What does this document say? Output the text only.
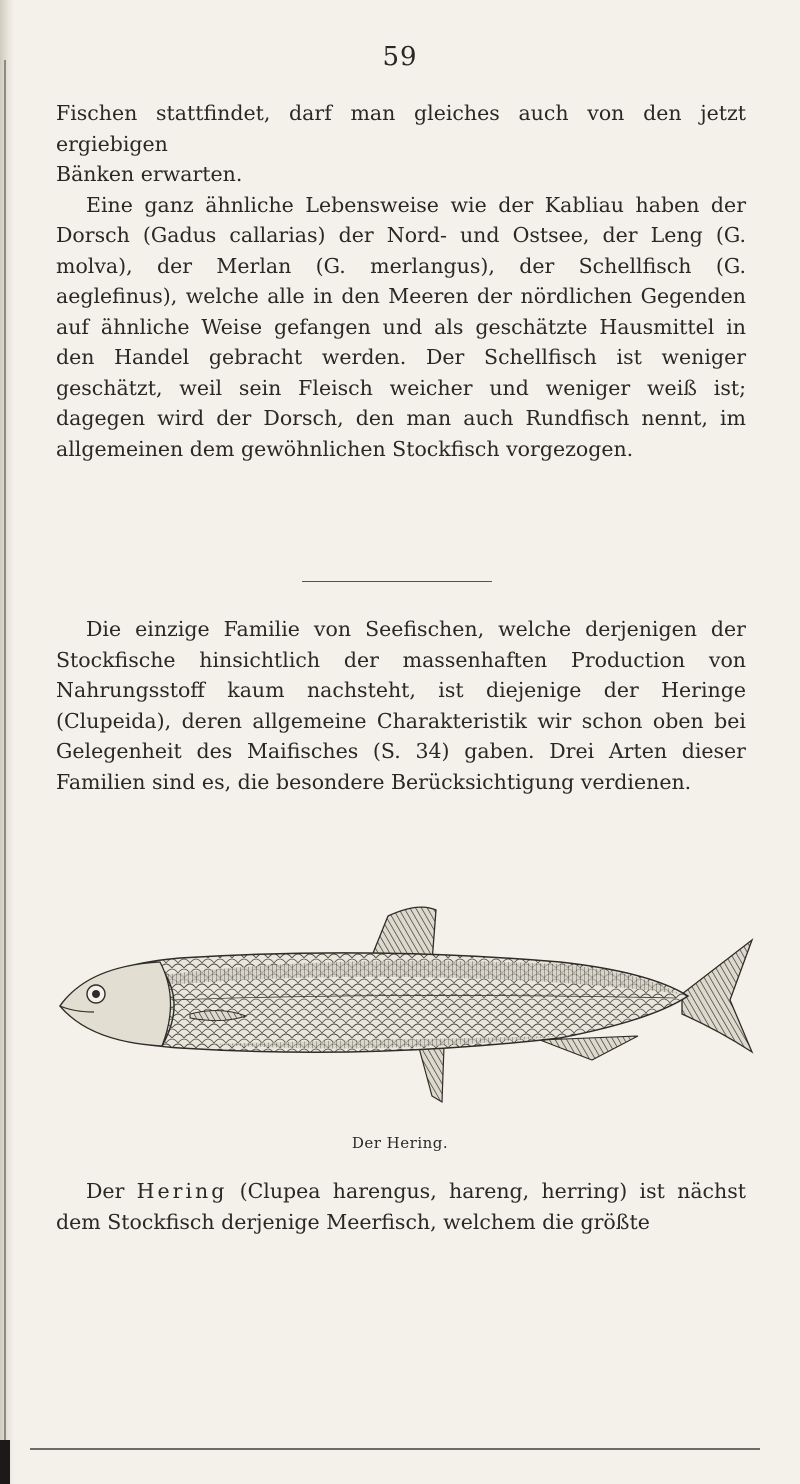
59

Fischen stattfindet, darf man gleiches auch von den jetzt ergiebigen
Bänken erwarten.

Eine ganz ähnliche Lebensweise wie der Kabliau haben der Dorsch (Gadus callarias) der Nord- und Ostsee, der Leng (G. molva), der Merlan (G. merlangus), der Schellfisch (G. aeglefinus), welche alle in den Meeren der nördlichen Gegenden auf ähnliche Weise gefangen und als geschätzte Hausmittel in den Handel gebracht werden. Der Schellfisch ist weniger geschätzt, weil sein Fleisch weicher und weniger weiß ist; dagegen wird der Dorsch, den man auch Rundfisch nennt, im allgemeinen dem gewöhnlichen Stockfisch vorgezogen.

Die einzige Familie von Seefischen, welche derjenigen der Stockfische hinsichtlich der massenhaften Production von Nahrungsstoff kaum nachsteht, ist diejenige der Heringe (Clupeida), deren allgemeine Charakteristik wir schon oben bei Gelegenheit des Maifisches (S. 34) gaben. Drei Arten dieser Familien sind es, die besondere Berücksichtigung verdienen.

Der Hering.

Der Hering (Clupea harengus, hareng, herring) ist nächst dem Stockfisch derjenige Meerfisch, welchem die größte
